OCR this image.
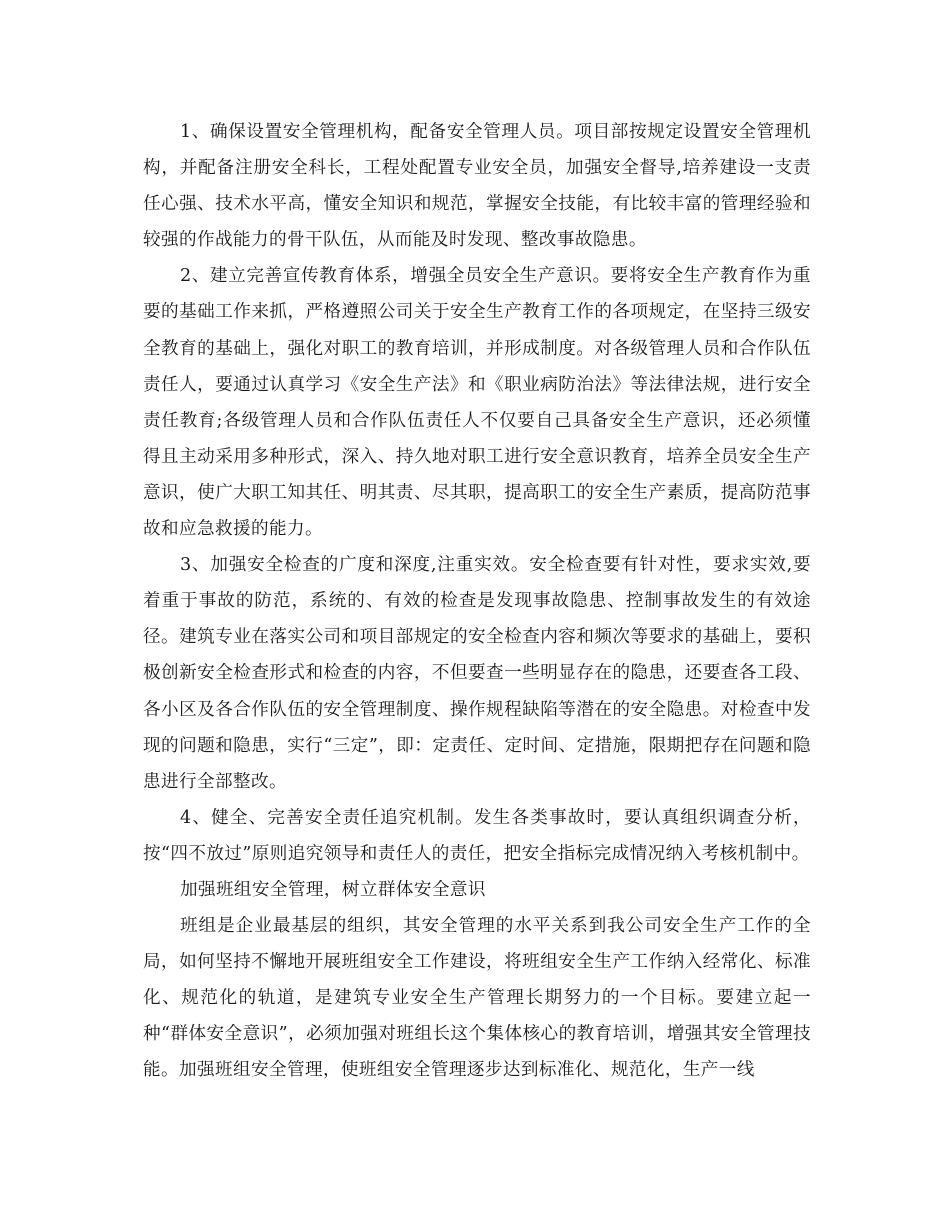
1、确保设置安全管理机构，配备安全管理人员。项目部按规定设置安全管理机构，并配备注册安全科长，工程处配置专业安全员，加强安全督导,培养建设一支责任心强、技术水平高，懂安全知识和规范，掌握安全技能，有比较丰富的管理经验和较强的作战能力的骨干队伍，从而能及时发现、整改事故隐患。

2、建立完善宣传教育体系，增强全员安全生产意识。要将安全生产教育作为重要的基础工作来抓，严格遵照公司关于安全生产教育工作的各项规定，在坚持三级安全教育的基础上，强化对职工的教育培训，并形成制度。对各级管理人员和合作队伍责任人，要通过认真学习《安全生产法》和《职业病防治法》等法律法规，进行安全责任教育;各级管理人员和合作队伍责任人不仅要自己具备安全生产意识，还必须懂得且主动采用多种形式，深入、持久地对职工进行安全意识教育，培养全员安全生产意识，使广大职工知其任、明其责、尽其职，提高职工的安全生产素质，提高防范事故和应急救援的能力。

3、加强安全检查的广度和深度,注重实效。安全检查要有针对性，要求实效,要着重于事故的防范，系统的、有效的检查是发现事故隐患、控制事故发生的有效途径。建筑专业在落实公司和项目部规定的安全检查内容和频次等要求的基础上，要积极创新安全检查形式和检查的内容，不但要查一些明显存在的隐患，还要查各工段、各小区及各合作队伍的安全管理制度、操作规程缺陷等潜在的安全隐患。对检查中发现的问题和隐患，实行“三定”，即：定责任、定时间、定措施，限期把存在问题和隐患进行全部整改。

4、健全、完善安全责任追究机制。发生各类事故时，要认真组织调查分析，按“四不放过”原则追究领导和责任人的责任，把安全指标完成情况纳入考核机制中。

加强班组安全管理，树立群体安全意识

班组是企业最基层的组织，其安全管理的水平关系到我公司安全生产工作的全局，如何坚持不懈地开展班组安全工作建设，将班组安全生产工作纳入经常化、标准化、规范化的轨道，是建筑专业安全生产管理长期努力的一个目标。要建立起一种“群体安全意识”，必须加强对班组长这个集体核心的教育培训，增强其安全管理技能。加强班组安全管理，使班组安全管理逐步达到标准化、规范化，生产一线
